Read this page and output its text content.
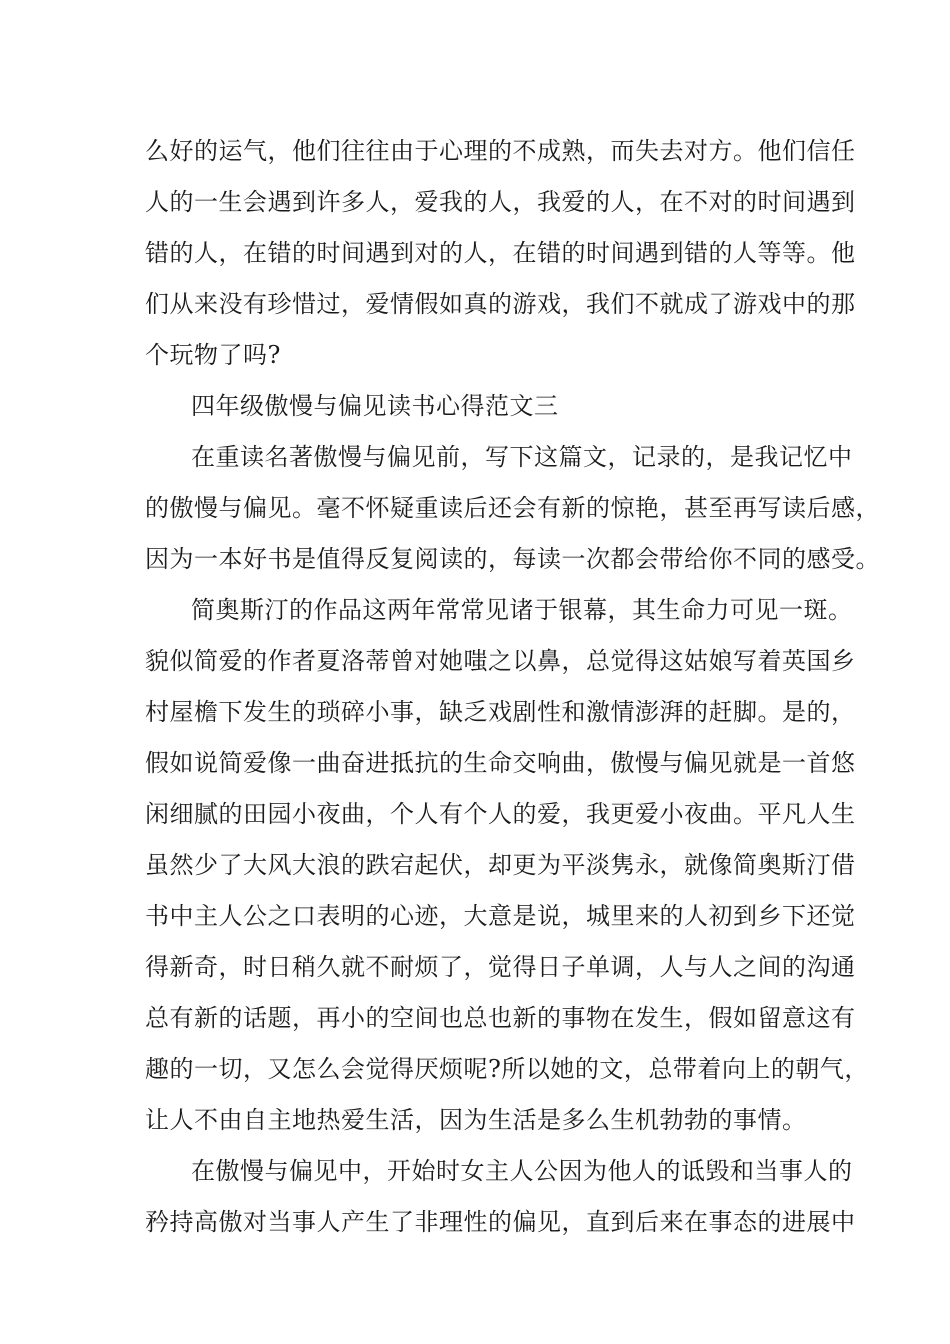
么好的运气，他们往往由于心理的不成熟，而失去对方。他们信任
人的一生会遇到许多人，爱我的人，我爱的人，在不对的时间遇到
错的人，在错的时间遇到对的人，在错的时间遇到错的人等等。他
们从来没有珍惜过，爱情假如真的游戏，我们不就成了游戏中的那
个玩物了吗?
四年级傲慢与偏见读书心得范文三
在重读名著傲慢与偏见前，写下这篇文，记录的，是我记忆中
的傲慢与偏见。毫不怀疑重读后还会有新的惊艳，甚至再写读后感，
因为一本好书是值得反复阅读的，每读一次都会带给你不同的感受。
简奥斯汀的作品这两年常常见诸于银幕，其生命力可见一斑。
貌似简爱的作者夏洛蒂曾对她嗤之以鼻，总觉得这姑娘写着英国乡
村屋檐下发生的琐碎小事，缺乏戏剧性和激情澎湃的赶脚。是的，
假如说简爱像一曲奋进抵抗的生命交响曲，傲慢与偏见就是一首悠
闲细腻的田园小夜曲，个人有个人的爱，我更爱小夜曲。平凡人生
虽然少了大风大浪的跌宕起伏，却更为平淡隽永，就像简奥斯汀借
书中主人公之口表明的心迹，大意是说，城里来的人初到乡下还觉
得新奇，时日稍久就不耐烦了，觉得日子单调，人与人之间的沟通
总有新的话题，再小的空间也总也新的事物在发生，假如留意这有
趣的一切，又怎么会觉得厌烦呢?所以她的文，总带着向上的朝气，
让人不由自主地热爱生活，因为生活是多么生机勃勃的事情。
在傲慢与偏见中，开始时女主人公因为他人的诋毁和当事人的
矜持高傲对当事人产生了非理性的偏见，直到后来在事态的进展中
